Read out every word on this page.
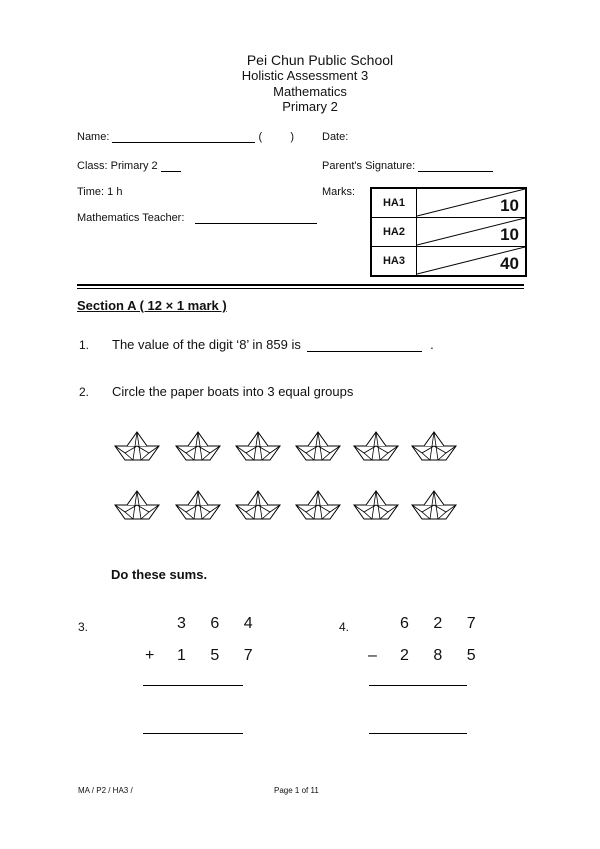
Pei Chun Public School
Holistic Assessment 3
Mathematics
Primary 2
Name:	(	)	Date:
Class: Primary 2	Parent's Signature:
Time: 1 h	Marks:
Mathematics Teacher:
HA1	10
HA2	10
HA3	40
Section A ( 12 × 1 mark )
1. The value of the digit ‘8’ in 859 is	.
2. Circle the paper boats into 3 equal groups
Do these sums.
3.	3 6 4
+ 1 5 7
4.	6 2 7
– 2 8 5
MA / P2 / HA3 /	Page 1 of 11
